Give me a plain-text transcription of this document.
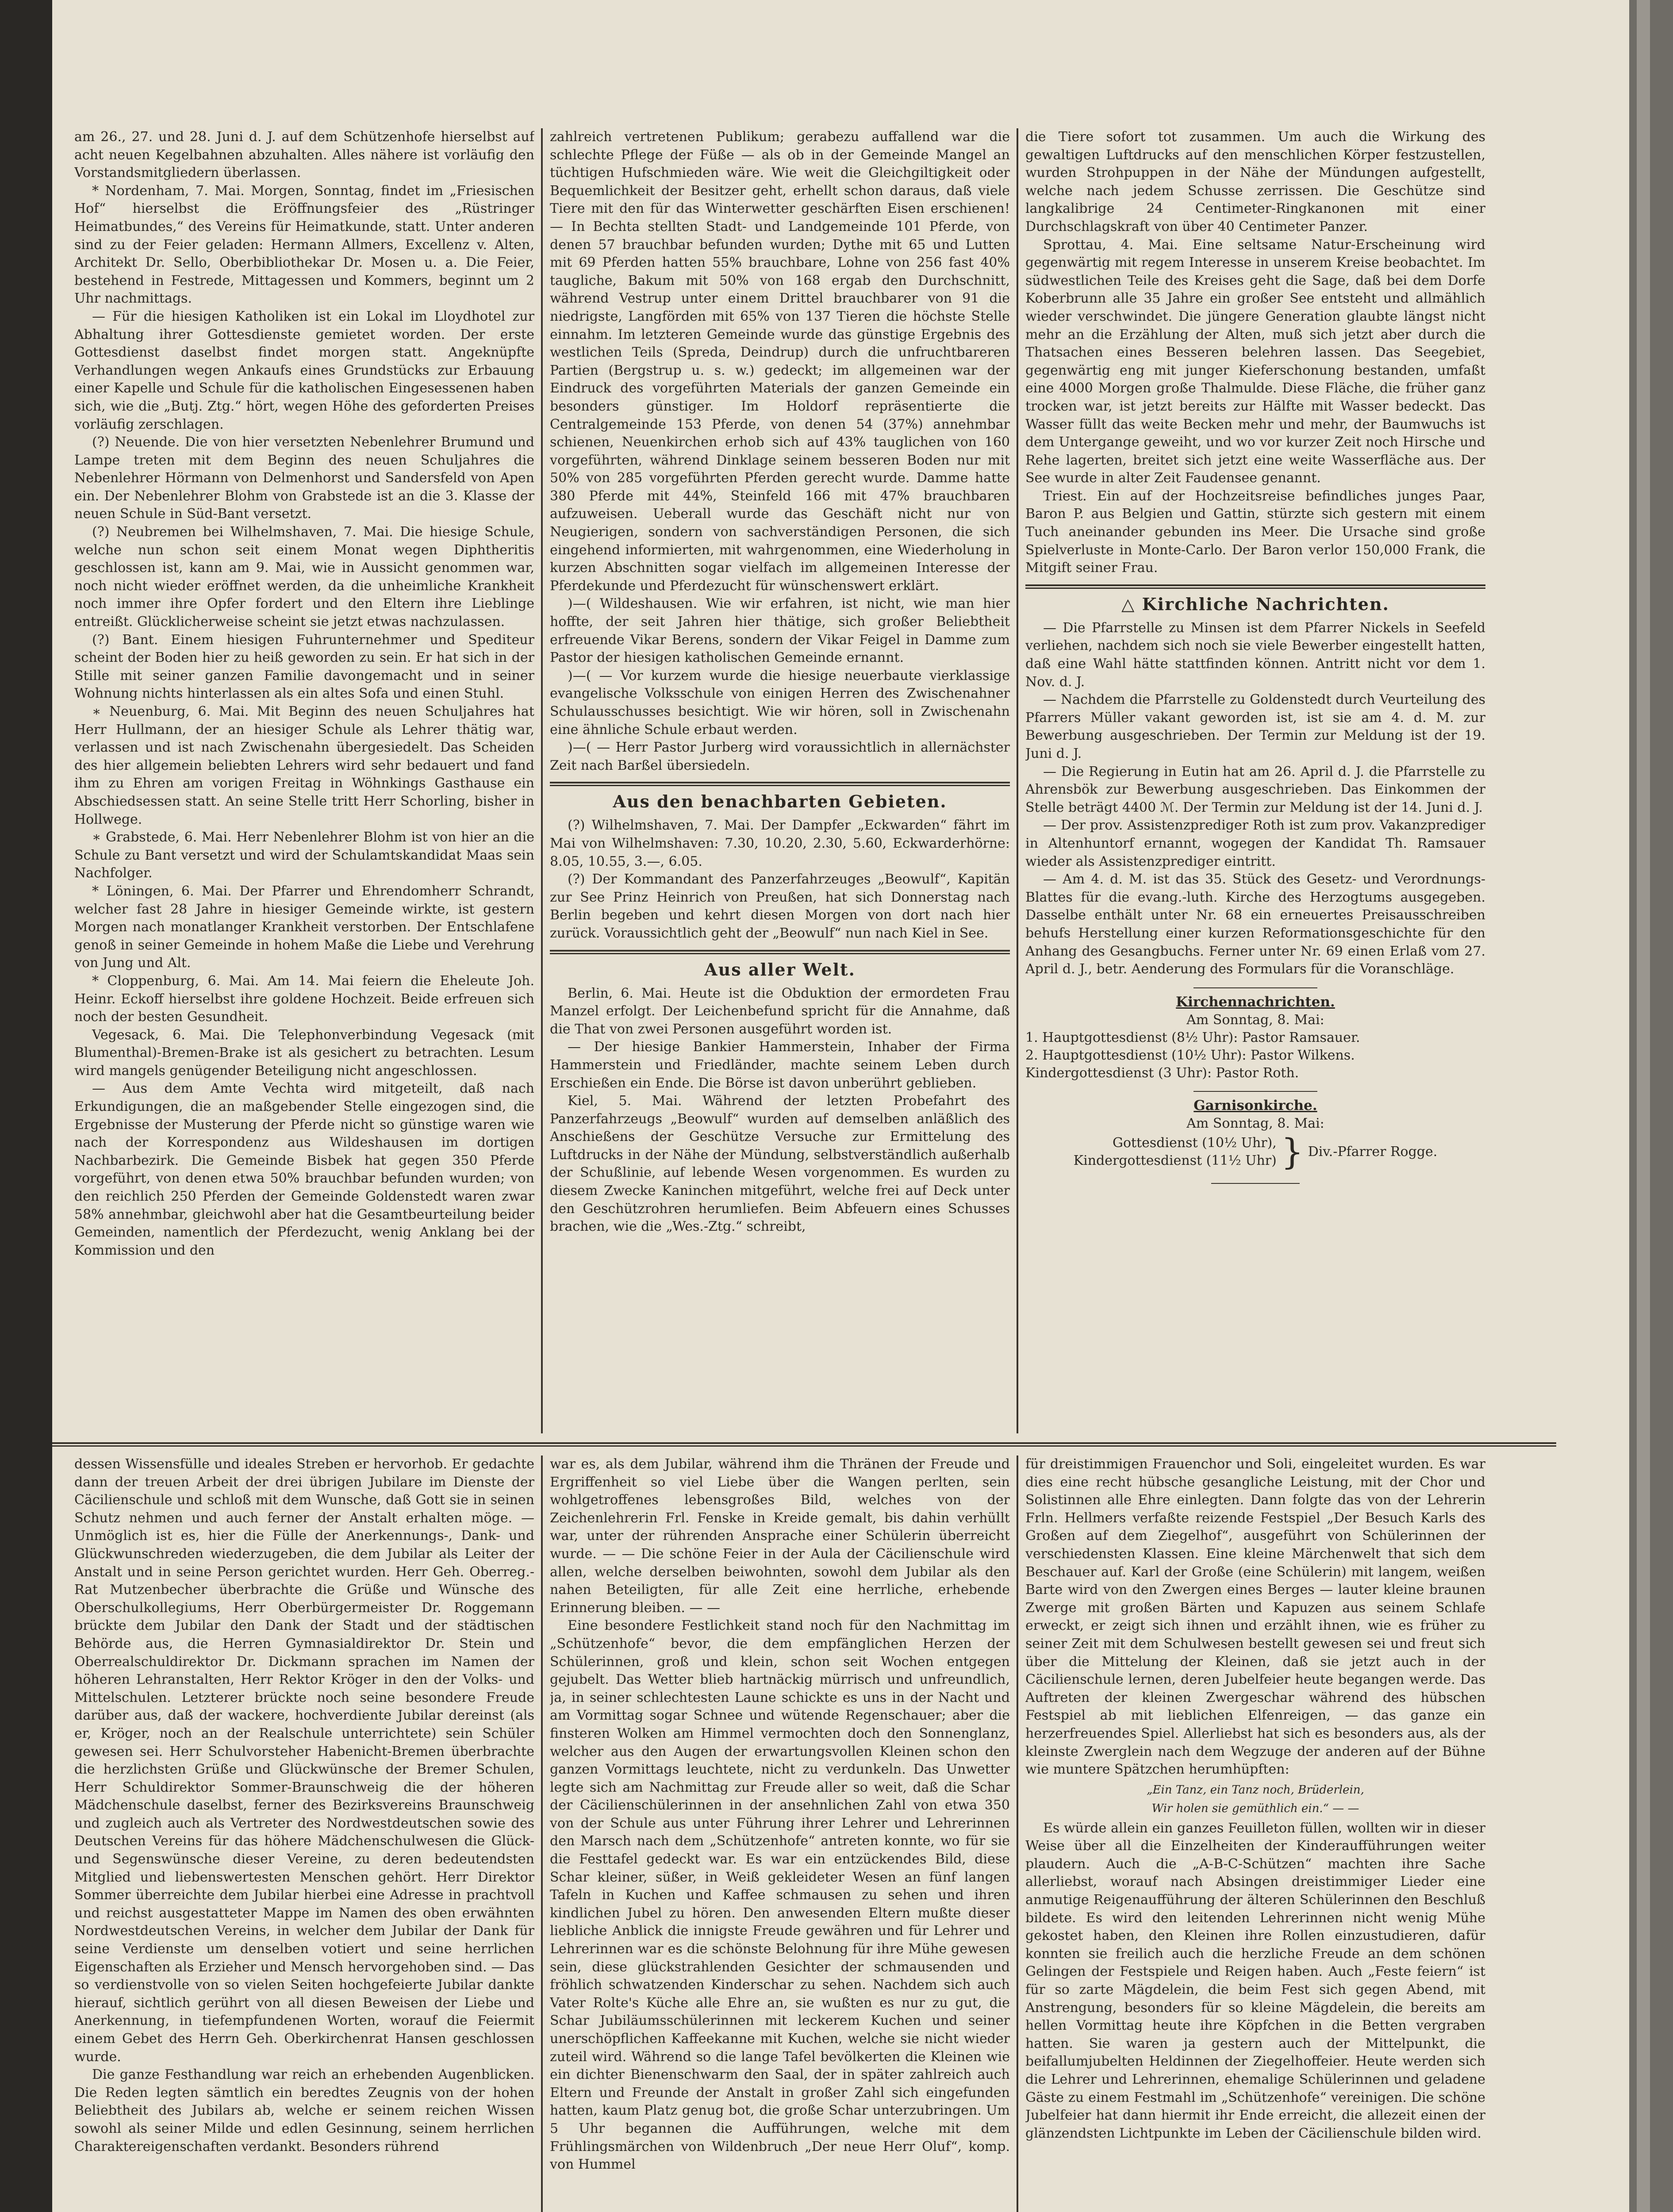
am 26., 27. und 28. Juni d. J. auf dem Schützenhofe hierselbst auf acht neuen Kegelbahnen abzuhalten. Alles nähere ist vorläufig den Vorstandsmitgliedern überlassen.

* Nordenham, 7. Mai. Morgen, Sonntag, findet im „Friesischen Hof“ hierselbst die Eröffnungsfeier des „Rüstringer Heimatbundes,“ des Vereins für Heimatkunde, statt. Unter anderen sind zu der Feier geladen: Hermann Allmers, Excellenz v. Alten, Architekt Dr. Sello, Oberbibliothekar Dr. Mosen u. a. Die Feier, bestehend in Festrede, Mittagessen und Kommers, beginnt um 2 Uhr nachmittags.

— Für die hiesigen Katholiken ist ein Lokal im Lloydhotel zur Abhaltung ihrer Gottesdienste gemietet worden. Der erste Gottesdienst daselbst findet morgen statt. Angeknüpfte Verhandlungen wegen Ankaufs eines Grundstücks zur Erbauung einer Kapelle und Schule für die katholischen Eingesessenen haben sich, wie die „Butj. Ztg.“ hört, wegen Höhe des geforderten Preises vorläufig zerschlagen.

(?) Neuende. Die von hier versetzten Nebenlehrer Brumund und Lampe treten mit dem Beginn des neuen Schuljahres die Nebenlehrer Hörmann von Delmenhorst und Sandersfeld von Apen ein. Der Nebenlehrer Blohm von Grabstede ist an die 3. Klasse der neuen Schule in Süd-Bant versetzt.

(?) Neubremen bei Wilhelmshaven, 7. Mai. Die hiesige Schule, welche nun schon seit einem Monat wegen Diphtheritis geschlossen ist, kann am 9. Mai, wie in Aussicht genommen war, noch nicht wieder eröffnet werden, da die unheimliche Krankheit noch immer ihre Opfer fordert und den Eltern ihre Lieblinge entreißt. Glücklicherweise scheint sie jetzt etwas nachzulassen.

(?) Bant. Einem hiesigen Fuhrunternehmer und Spediteur scheint der Boden hier zu heiß geworden zu sein. Er hat sich in der Stille mit seiner ganzen Familie davongemacht und in seiner Wohnung nichts hinterlassen als ein altes Sofa und einen Stuhl.

∗ Neuenburg, 6. Mai. Mit Beginn des neuen Schuljahres hat Herr Hullmann, der an hiesiger Schule als Lehrer thätig war, verlassen und ist nach Zwischenahn übergesiedelt. Das Scheiden des hier allgemein beliebten Lehrers wird sehr bedauert und fand ihm zu Ehren am vorigen Freitag in Wöhnkings Gasthause ein Abschiedsessen statt. An seine Stelle tritt Herr Schorling, bisher in Hollwege.

∗ Grabstede, 6. Mai. Herr Nebenlehrer Blohm ist von hier an die Schule zu Bant versetzt und wird der Schulamtskandidat Maas sein Nachfolger.

* Löningen, 6. Mai. Der Pfarrer und Ehrendomherr Schrandt, welcher fast 28 Jahre in hiesiger Gemeinde wirkte, ist gestern Morgen nach monatlanger Krankheit verstorben. Der Entschlafene genoß in seiner Gemeinde in hohem Maße die Liebe und Verehrung von Jung und Alt.

* Cloppenburg, 6. Mai. Am 14. Mai feiern die Eheleute Joh. Heinr. Eckoff hierselbst ihre goldene Hochzeit. Beide erfreuen sich noch der besten Gesundheit.

Vegesack, 6. Mai. Die Telephonverbindung Vegesack (mit Blumenthal)-Bremen-Brake ist als gesichert zu betrachten. Lesum wird mangels genügender Beteiligung nicht angeschlossen.

— Aus dem Amte Vechta wird mitgeteilt, daß nach Erkundigungen, die an maßgebender Stelle eingezogen sind, die Ergebnisse der Musterung der Pferde nicht so günstige waren wie nach der Korrespondenz aus Wildeshausen im dortigen Nachbarbezirk. Die Gemeinde Bisbek hat gegen 350 Pferde vorgeführt, von denen etwa 50% brauchbar befunden wurden; von den reichlich 250 Pferden der Gemeinde Goldenstedt waren zwar 58% annehmbar, gleichwohl aber hat die Gesamtbeurteilung beider Gemeinden, namentlich der Pferdezucht, wenig Anklang bei der Kommission und den

zahlreich vertretenen Publikum; gerabezu auffallend war die schlechte Pflege der Füße — als ob in der Gemeinde Mangel an tüchtigen Hufschmieden wäre. Wie weit die Gleichgiltigkeit oder Bequemlichkeit der Besitzer geht, erhellt schon daraus, daß viele Tiere mit den für das Winterwetter geschärften Eisen erschienen! — In Bechta stellten Stadt- und Landgemeinde 101 Pferde, von denen 57 brauchbar befunden wurden; Dythe mit 65 und Lutten mit 69 Pferden hatten 55% brauchbare, Lohne von 256 fast 40% taugliche, Bakum mit 50% von 168 ergab den Durchschnitt, während Vestrup unter einem Drittel brauchbarer von 91 die niedrigste, Langförden mit 65% von 137 Tieren die höchste Stelle einnahm. Im letzteren Gemeinde wurde das günstige Ergebnis des westlichen Teils (Spreda, Deindrup) durch die unfruchtbareren Partien (Bergstrup u. s. w.) gedeckt; im allgemeinen war der Eindruck des vorgeführten Materials der ganzen Gemeinde ein besonders günstiger. Im Holdorf repräsentierte die Centralgemeinde 153 Pferde, von denen 54 (37%) annehmbar schienen, Neuenkirchen erhob sich auf 43% tauglichen von 160 vorgeführten, während Dinklage seinem besseren Boden nur mit 50% von 285 vorgeführten Pferden gerecht wurde. Damme hatte 380 Pferde mit 44%, Steinfeld 166 mit 47% brauchbaren aufzuweisen. Ueberall wurde das Geschäft nicht nur von Neugierigen, sondern von sachverständigen Personen, die sich eingehend informierten, mit wahrgenommen, eine Wiederholung in kurzen Abschnitten sogar vielfach im allgemeinen Interesse der Pferdekunde und Pferdezucht für wünschenswert erklärt.

)—( Wildeshausen. Wie wir erfahren, ist nicht, wie man hier hoffte, der seit Jahren hier thätige, sich großer Beliebtheit erfreuende Vikar Berens, sondern der Vikar Feigel in Damme zum Pastor der hiesigen katholischen Gemeinde ernannt.

)—( — Vor kurzem wurde die hiesige neuerbaute vierklassige evangelische Volksschule von einigen Herren des Zwischenahner Schulausschusses besichtigt. Wie wir hören, soll in Zwischenahn eine ähnliche Schule erbaut werden.

)—( — Herr Pastor Jurberg wird voraussichtlich in allernächster Zeit nach Barßel übersiedeln.

Aus den benachbarten Gebieten.

(?) Wilhelmshaven, 7. Mai. Der Dampfer „Eckwarden“ fährt im Mai von Wilhelmshaven: 7.30, 10.20, 2.30, 5.60, Eckwarderhörne: 8.05, 10.55, 3.—, 6.05.

(?) Der Kommandant des Panzerfahrzeuges „Beowulf“, Kapitän zur See Prinz Heinrich von Preußen, hat sich Donnerstag nach Berlin begeben und kehrt diesen Morgen von dort nach hier zurück. Voraussichtlich geht der „Beowulf“ nun nach Kiel in See.

Aus aller Welt.

Berlin, 6. Mai. Heute ist die Obduktion der ermordeten Frau Manzel erfolgt. Der Leichenbefund spricht für die Annahme, daß die That von zwei Personen ausgeführt worden ist.

— Der hiesige Bankier Hammerstein, Inhaber der Firma Hammerstein und Friedländer, machte seinem Leben durch Erschießen ein Ende. Die Börse ist davon unberührt geblieben.

Kiel, 5. Mai. Während der letzten Probefahrt des Panzerfahrzeugs „Beowulf“ wurden auf demselben anläßlich des Anschießens der Geschütze Versuche zur Ermittelung des Luftdrucks in der Nähe der Mündung, selbstverständlich außerhalb der Schußlinie, auf lebende Wesen vorgenommen. Es wurden zu diesem Zwecke Kaninchen mitgeführt, welche frei auf Deck unter den Geschützrohren herumliefen. Beim Abfeuern eines Schusses brachen, wie die „Wes.-Ztg.“ schreibt,

die Tiere sofort tot zusammen. Um auch die Wirkung des gewaltigen Luftdrucks auf den menschlichen Körper festzustellen, wurden Strohpuppen in der Nähe der Mündungen aufgestellt, welche nach jedem Schusse zerrissen. Die Geschütze sind langkalibrige 24 Centimeter-Ringkanonen mit einer Durchschlagskraft von über 40 Centimeter Panzer.

Sprottau, 4. Mai. Eine seltsame Natur-Erscheinung wird gegenwärtig mit regem Interesse in unserem Kreise beobachtet. Im südwestlichen Teile des Kreises geht die Sage, daß bei dem Dorfe Koberbrunn alle 35 Jahre ein großer See entsteht und allmählich wieder verschwindet. Die jüngere Generation glaubte längst nicht mehr an die Erzählung der Alten, muß sich jetzt aber durch die Thatsachen eines Besseren belehren lassen. Das Seegebiet, gegenwärtig eng mit junger Kieferschonung bestanden, umfaßt eine 4000 Morgen große Thalmulde. Diese Fläche, die früher ganz trocken war, ist jetzt bereits zur Hälfte mit Wasser bedeckt. Das Wasser füllt das weite Becken mehr und mehr, der Baumwuchs ist dem Untergange geweiht, und wo vor kurzer Zeit noch Hirsche und Rehe lagerten, breitet sich jetzt eine weite Wasserfläche aus. Der See wurde in alter Zeit Faudensee genannt.

Triest. Ein auf der Hochzeitsreise befindliches junges Paar, Baron P. aus Belgien und Gattin, stürzte sich gestern mit einem Tuch aneinander gebunden ins Meer. Die Ursache sind große Spielverluste in Monte-Carlo. Der Baron verlor 150,000 Frank, die Mitgift seiner Frau.

△ Kirchliche Nachrichten.

— Die Pfarrstelle zu Minsen ist dem Pfarrer Nickels in Seefeld verliehen, nachdem sich noch sie viele Bewerber eingestellt hatten, daß eine Wahl hätte stattfinden können. Antritt nicht vor dem 1. Nov. d. J.

— Nachdem die Pfarrstelle zu Goldenstedt durch Veurteilung des Pfarrers Müller vakant geworden ist, ist sie am 4. d. M. zur Bewerbung ausgeschrieben. Der Termin zur Meldung ist der 19. Juni d. J.

— Die Regierung in Eutin hat am 26. April d. J. die Pfarrstelle zu Ahrensbök zur Bewerbung ausgeschrieben. Das Einkommen der Stelle beträgt 4400 ℳ. Der Termin zur Meldung ist der 14. Juni d. J.

— Der prov. Assistenzprediger Roth ist zum prov. Vakanzprediger in Altenhuntorf ernannt, wogegen der Kandidat Th. Ramsauer wieder als Assistenzprediger eintritt.

— Am 4. d. M. ist das 35. Stück des Gesetz- und Verordnungs-Blattes für die evang.-luth. Kirche des Herzogtums ausgegeben. Dasselbe enthält unter Nr. 68 ein erneuertes Preisausschreiben behufs Herstellung einer kurzen Reformationsgeschichte für den Anhang des Gesangbuchs. Ferner unter Nr. 69 einen Erlaß vom 27. April d. J., betr. Aenderung des Formulars für die Voranschläge.

Kirchennachrichten.
Am Sonntag, 8. Mai:
1. Hauptgottesdienst (8½ Uhr): Pastor Ramsauer.
2. Hauptgottesdienst (10½ Uhr): Pastor Wilkens.
Kindergottesdienst (3 Uhr): Pastor Roth.
Garnisonkirche.
Am Sonntag, 8. Mai:
Gottesdienst (10½ Uhr),
Kindergottesdienst (11½ Uhr) } Div.-Pfarrer Rogge.

dessen Wissensfülle und ideales Streben er hervorhob. Er gedachte dann der treuen Arbeit der drei übrigen Jubilare im Dienste der Cäcilienschule und schloß mit dem Wunsche, daß Gott sie in seinen Schutz nehmen und auch ferner der Anstalt erhalten möge. — Unmöglich ist es, hier die Fülle der Anerkennungs-, Dank- und Glückwunschreden wiederzugeben, die dem Jubilar als Leiter der Anstalt und in seine Person gerichtet wurden. Herr Geh. Oberreg.-Rat Mutzenbecher überbrachte die Grüße und Wünsche des Oberschulkollegiums, Herr Oberbürgermeister Dr. Roggemann brückte dem Jubilar den Dank der Stadt und der städtischen Behörde aus, die Herren Gymnasialdirektor Dr. Stein und Oberrealschuldirektor Dr. Dickmann sprachen im Namen der höheren Lehranstalten, Herr Rektor Kröger in den der Volks- und Mittelschulen. Letzterer brückte noch seine besondere Freude darüber aus, daß der wackere, hochverdiente Jubilar dereinst (als er, Kröger, noch an der Realschule unterrichtete) sein Schüler gewesen sei. Herr Schulvorsteher Habenicht-Bremen überbrachte die herzlichsten Grüße und Glückwünsche der Bremer Schulen, Herr Schuldirektor Sommer-Braunschweig die der höheren Mädchenschule daselbst, ferner des Bezirksvereins Braunschweig und zugleich auch als Vertreter des Nordwestdeutschen sowie des Deutschen Vereins für das höhere Mädchenschulwesen die Glück- und Segenswünsche dieser Vereine, zu deren bedeutendsten Mitglied und liebenswertesten Menschen gehört. Herr Direktor Sommer überreichte dem Jubilar hierbei eine Adresse in prachtvoll und reichst ausgestatteter Mappe im Namen des oben erwähnten Nordwestdeutschen Vereins, in welcher dem Jubilar der Dank für seine Verdienste um denselben votiert und seine herrlichen Eigenschaften als Erzieher und Mensch hervorgehoben sind. — Das so verdienstvolle von so vielen Seiten hochgefeierte Jubilar dankte hierauf, sichtlich gerührt von all diesen Beweisen der Liebe und Anerkennung, in tiefempfundenen Worten, worauf die Feiermit einem Gebet des Herrn Geh. Oberkirchenrat Hansen geschlossen wurde.

Die ganze Festhandlung war reich an erhebenden Augenblicken. Die Reden legten sämtlich ein beredtes Zeugnis von der hohen Beliebtheit des Jubilars ab, welche er seinem reichen Wissen sowohl als seiner Milde und edlen Gesinnung, seinem herrlichen Charaktereigenschaften verdankt. Besonders rührend

war es, als dem Jubilar, während ihm die Thränen der Freude und Ergriffenheit so viel Liebe über die Wangen perlten, sein wohlgetroffenes lebensgroßes Bild, welches von der Zeichenlehrerin Frl. Fenske in Kreide gemalt, bis dahin verhüllt war, unter der rührenden Ansprache einer Schülerin überreicht wurde. — — Die schöne Feier in der Aula der Cäcilienschule wird allen, welche derselben beiwohnten, sowohl dem Jubilar als den nahen Beteiligten, für alle Zeit eine herrliche, erhebende Erinnerung bleiben. — —

Eine besondere Festlichkeit stand noch für den Nachmittag im „Schützenhofe“ bevor, die dem empfänglichen Herzen der Schülerinnen, groß und klein, schon seit Wochen entgegen gejubelt. Das Wetter blieb hartnäckig mürrisch und unfreundlich, ja, in seiner schlechtesten Laune schickte es uns in der Nacht und am Vormittag sogar Schnee und wütende Regenschauer; aber die finsteren Wolken am Himmel vermochten doch den Sonnenglanz, welcher aus den Augen der erwartungsvollen Kleinen schon den ganzen Vormittags leuchtete, nicht zu verdunkeln. Das Unwetter legte sich am Nachmittag zur Freude aller so weit, daß die Schar der Cäcilienschülerinnen in der ansehnlichen Zahl von etwa 350 von der Schule aus unter Führung ihrer Lehrer und Lehrerinnen den Marsch nach dem „Schützenhofe“ antreten konnte, wo für sie die Festtafel gedeckt war. Es war ein entzückendes Bild, diese Schar kleiner, süßer, in Weiß gekleideter Wesen an fünf langen Tafeln in Kuchen und Kaffee schmausen zu sehen und ihren kindlichen Jubel zu hören. Den anwesenden Eltern mußte dieser liebliche Anblick die innigste Freude gewähren und für Lehrer und Lehrerinnen war es die schönste Belohnung für ihre Mühe gewesen sein, diese glückstrahlenden Gesichter der schmausenden und fröhlich schwatzenden Kinderschar zu sehen. Nachdem sich auch Vater Rolte's Küche alle Ehre an, sie wußten es nur zu gut, die Schar Jubiläumsschülerinnen mit leckerem Kuchen und seiner unerschöpflichen Kaffeekanne mit Kuchen, welche sie nicht wieder zuteil wird. Während so die lange Tafel bevölkerten die Kleinen wie ein dichter Bienenschwarm den Saal, der in später zahlreich auch Eltern und Freunde der Anstalt in großer Zahl sich eingefunden hatten, kaum Platz genug bot, die große Schar unterzubringen. Um 5 Uhr begannen die Aufführungen, welche mit dem Frühlingsmärchen von Wildenbruch „Der neue Herr Oluf“, komp. von Hummel

für dreistimmigen Frauenchor und Soli, eingeleitet wurden. Es war dies eine recht hübsche gesangliche Leistung, mit der Chor und Solistinnen alle Ehre einlegten. Dann folgte das von der Lehrerin Frln. Hellmers verfaßte reizende Festspiel „Der Besuch Karls des Großen auf dem Ziegelhof“, ausgeführt von Schülerinnen der verschiedensten Klassen. Eine kleine Märchenwelt that sich dem Beschauer auf. Karl der Große (eine Schülerin) mit langem, weißen Barte wird von den Zwergen eines Berges — lauter kleine braunen Zwerge mit großen Bärten und Kapuzen aus seinem Schlafe erweckt, er zeigt sich ihnen und erzählt ihnen, wie es früher zu seiner Zeit mit dem Schulwesen bestellt gewesen sei und freut sich über die Mittelung der Kleinen, daß sie jetzt auch in der Cäcilienschule lernen, deren Jubelfeier heute begangen werde. Das Auftreten der kleinen Zwergeschar während des hübschen Festspiel ab mit lieblichen Elfenreigen, — das ganze ein herzerfreuendes Spiel. Allerliebst hat sich es besonders aus, als der kleinste Zwerglein nach dem Wegzuge der anderen auf der Bühne wie muntere Spätzchen herumhüpften:

„Ein Tanz, ein Tanz noch, Brüderlein,
Wir holen sie gemüthlich ein.“ — —

Es würde allein ein ganzes Feuilleton füllen, wollten wir in dieser Weise über all die Einzelheiten der Kinderaufführungen weiter plaudern. Auch die „A-B-C-Schützen“ machten ihre Sache allerliebst, worauf nach Absingen dreistimmiger Lieder eine anmutige Reigenaufführung der älteren Schülerinnen den Beschluß bildete. Es wird den leitenden Lehrerinnen nicht wenig Mühe gekostet haben, den Kleinen ihre Rollen einzustudieren, dafür konnten sie freilich auch die herzliche Freude an dem schönen Gelingen der Festspiele und Reigen haben. Auch „Feste feiern“ ist für so zarte Mägdelein, die beim Fest sich gegen Abend, mit Anstrengung, besonders für so kleine Mägdelein, die bereits am hellen Vormittag heute ihre Köpfchen in die Betten vergraben hatten. Sie waren ja gestern auch der Mittelpunkt, die beifallumjubelten Heldinnen der Ziegelhoffeier. Heute werden sich die Lehrer und Lehrerinnen, ehemalige Schülerinnen und geladene Gäste zu einem Festmahl im „Schützenhofe“ vereinigen. Die schöne Jubelfeier hat dann hiermit ihr Ende erreicht, die allezeit einen der glänzendsten Lichtpunkte im Leben der Cäcilienschule bilden wird.
